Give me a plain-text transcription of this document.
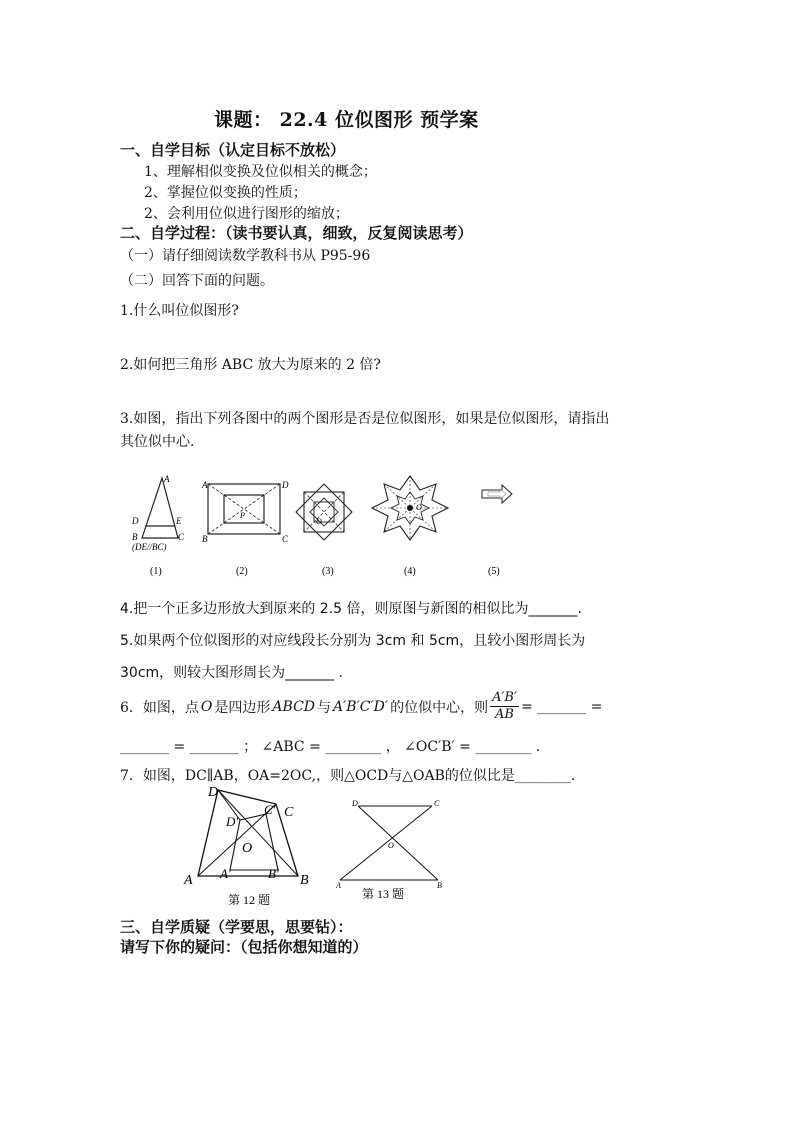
课题： 22.4 位似图形 预学案
一、自学目标（认定目标不放松）
1、理解相似变换及位似相关的概念；
2、掌握位似变换的性质；
2、会利用位似进行图形的缩放；
二、自学过程：（读书要认真，细致，反复阅读思考）
（一）请仔细阅读数学教科书从 P95-96
（二）回答下面的问题。
1.什么叫位似图形?
2.如何把三角形 ABC 放大为原来的 2 倍?
3.如图，指出下列各图中的两个图形是否是位似图形，如果是位似图形，请指出
其位似中心.
A
D	E
B	C
(DE//BC)
(1)
A	D
B	C
P
(2)
O
(3)
O
(4)	(5)
4.把一个正多边形放大到原来的 2.5 倍，则原图与新图的相似比为_______.
5.如果两个位似图形的对应线段长分别为 3cm 和 5cm，且较小图形周长为
30cm，则较大图形周长为_______ .
6．如图，点 O 是四边形 ABCD 与 A′B′C′D′ 的位似中心，则 $\frac{A'B'}{AB}$ = _______ =
_______ = _______ ； ∠ABC = ________ ， ∠OC′B′ = ________ .
7．如图，DC∥AB，OA=2OC,，则△OCD与△OAB的位似比是________.
D
C′ C
D′
O
A A′	B′ B
第 12 题
D	C
O
A	B
第 13 题
三、自学质疑（学要思，思要钻）：
请写下你的疑问：（包括你想知道的）
